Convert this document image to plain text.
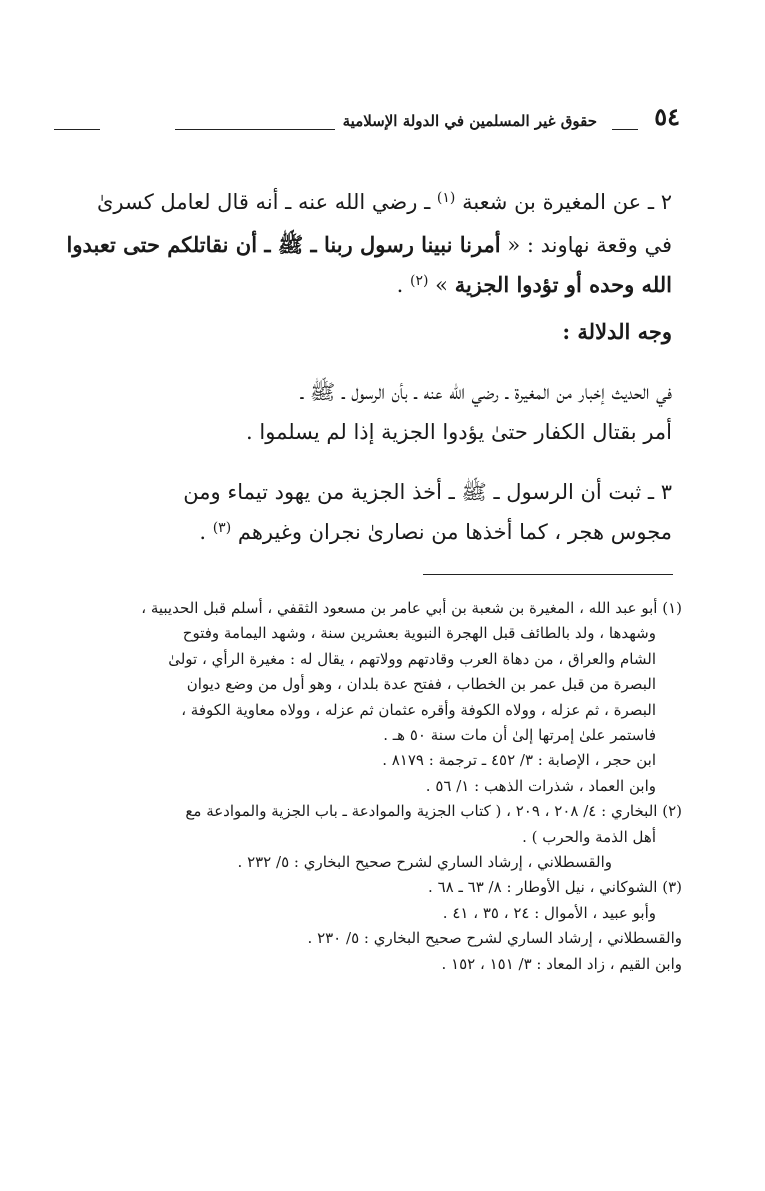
٥٤
حقوق غير المسلمين في الدولة الإسلامية
٢ ـ عن المغيرة بن شعبة $^{(١)}$ ـ رضي الله عنه ـ أنه قال لعامل كسرىٰ
في وقعة نهاوند : « أمرنا نبينا رسول ربنا ـ ﷺ ـ أن نقاتلكم حتى تعبدوا
الله وحده أو تؤدوا الجزية » $^{(٢)}$ .
وجه الدلالة :
في الحديث إخبار من المغيرة ـ رضي الله عنه ـ بأن الرسول ـ ﷺ ـ
أمر بقتال الكفار حتىٰ يؤدوا الجزية إذا لم يسلموا .
٣ ـ ثبت أن الرسول ـ ﷺ ـ أخذ الجزية من يهود تيماء ومن
مجوس هجر ، كما أخذها من نصارىٰ نجران وغيرهم $^{(٣)}$ .
(١) أبو عبد الله ، المغيرة بن شعبة بن أبي عامر بن مسعود الثقفي ، أسلم قبل الحديبية ،
وشهدها ، ولد بالطائف قبل الهجرة النبوية بعشرين سنة ، وشهد اليمامة وفتوح
الشام والعراق ، من دهاة العرب وقادتهم وولاتهم ، يقال له : مغيرة الرأي ، تولىٰ
البصرة من قبل عمر بن الخطاب ، ففتح عدة بلدان ، وهو أول من وضع ديوان
البصرة ، ثم عزله ، وولاه الكوفة وأقره عثمان ثم عزله ، وولاه معاوية الكوفة ،
فاستمر علىٰ إمرتها إلىٰ أن مات سنة ٥٠ هـ .
ابن حجر ، الإصابة : ٣/ ٤٥٢ ـ ترجمة : ٨١٧٩ .
وابن العماد ، شذرات الذهب : ١/ ٥٦ .
(٢) البخاري : ٤/ ٢٠٨ ، ٢٠٩ ، ( كتاب الجزية والموادعة ـ باب الجزية والموادعة مع
أهل الذمة والحرب ) .
والقسطلاني ، إرشاد الساري لشرح صحيح البخاري : ٥/ ٢٣٢ .
(٣) الشوكاني ، نيل الأوطار : ٨/ ٦٣ ـ ٦٨ .
وأبو عبيد ، الأموال : ٢٤ ، ٣٥ ، ٤١ .
والقسطلاني ، إرشاد الساري لشرح صحيح البخاري : ٥/ ٢٣٠ .
وابن القيم ، زاد المعاد : ٣/ ١٥١ ، ١٥٢ .
